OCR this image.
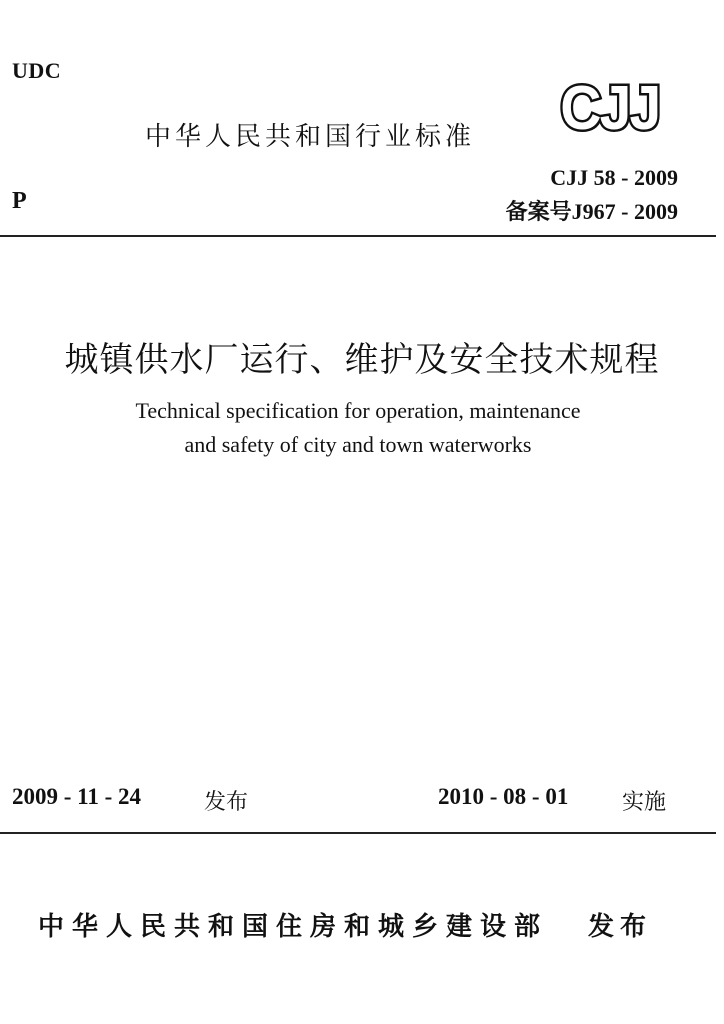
UDC
中华人民共和国行业标准 CJJ
P
CJJ 58 - 2009
备案号J967 - 2009
城镇供水厂运行、维护及安全技术规程
Technical specification for operation, maintenance
and safety of city and town waterworks
2009 - 11 - 24	发布	2010 - 08 - 01 实施
中华人民共和国住房和城乡建设部 发布
